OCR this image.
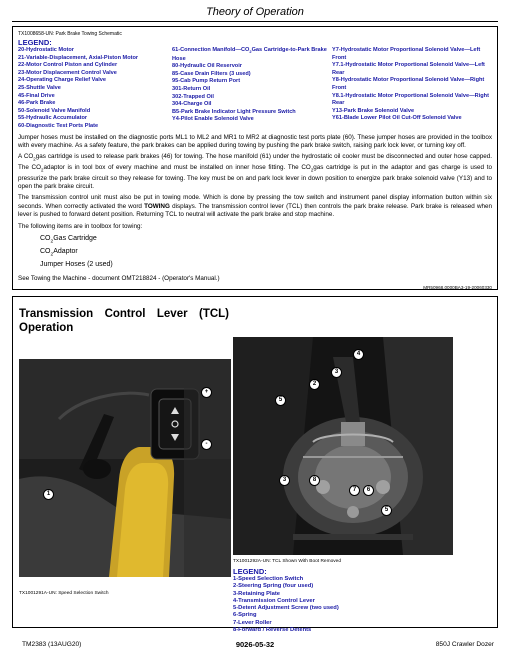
Theory of Operation
TX1008658-UN: Park Brake Towing Schematic
LEGEND:
20-Hydrostatic Motor
21-Variable-Displacement, Axial-Piston Motor
22-Motor Control Piston and Cylinder
23-Motor Displacement Control Valve
24-Operating Charge Relief Valve
25-Shuttle Valve
45-Final Drive
46-Park Brake
50-Solenoid Valve Manifold
55-Hydraulic Accumulator
60-Diagnostic Test Ports Plate
61-Connection $Manifold—CO_2Gas$ Cartridge-to-Park Brake Hose
80-Hydraulic Oil Reservoir
85-Case Drain Filters (3 used)
95-Cab Pump Return Port
301-Return Oil
302-Trapped Oil
304-Charge Oil
B5-Park Brake Indicator Light Pressure Switch
Y4-Pilot Enable Solenoid Valve
Y7-Hydrostatic Motor Proportional Solenoid Valve—Left Front
Y7.1-Hydrostatic Motor Proportional Solenoid Valve—Left Rear
Y8-Hydrostatic Motor Proportional Solenoid Valve—Right Front
Y8.1-Hydrostatic Motor Proportional Solenoid Valve—Right Rear
Y13-Park Brake Solenoid Valve
Y61-Blade Lower Pilot Oil Cut-Off Solenoid Valve

Jumper hoses must be installed on the diagnostic ports ML1 to ML2 and MR1 to MR2 at diagnostic test ports plate (60). These jumper hoses are provided in the toolbox with every machine. As a safety feature, the park brakes can be applied during towing by pushing the park brake switch, raising park lock lever, or turning key off.

A $CO_2gas$ cartridge is used to release park brakes (46) for towing. The hose manifold (61) under the hydrostatic oil cooler must be disconnected and outer hose capped. The $CO_2adaptor$ is in tool box of every machine and must be installed on inner hose fitting. The $CO_2gas$ cartridge is put in the adaptor and gas charge is used to pressurize the park brake circuit so they release for towing. The key must be on and park lock lever in down position to energize park brake solenoid valve (Y13) and to open the park brake circuit.

The transmission control unit must also be put in towing mode. Which is done by pressing the tow switch and instrument panel display information button within six seconds. When correctly activated the word TOWING displays. The transmission control lever (TCL) then controls the park brake release. Park brake is released when lever is pushed to forward detent position. Returning TCL to neutral will activate the park brake and stop machine.

The following items are in toolbox for towing:

$CO_2Gas$ Cartridge
$CO_2Adaptor$
Jumper Hoses (2 used)

See Towing the Machine - document OMT218824 - (Operator's Manual.)

MR50968,0000BA3-19-20060330
Transmission Control Lever (TCL)
Operation
+
-
1
4
3
2
5
3	8
7	6
5
TX1001291A-UN: Speed Selection Switch
TX1001292A-UN: TCL Shown With Boot Removed
LEGEND:
1-Speed Selection Switch
2-Steering Spring (four used)
3-Retaining Plate
4-Transmission Control Lever
5-Detent Adjustment Screw (two used)
6-Spring
7-Lever Roller
8-Forward / Reverse Detents
TM2383 (13AUG20)	9026-05-32	850J Crawler Dozer
